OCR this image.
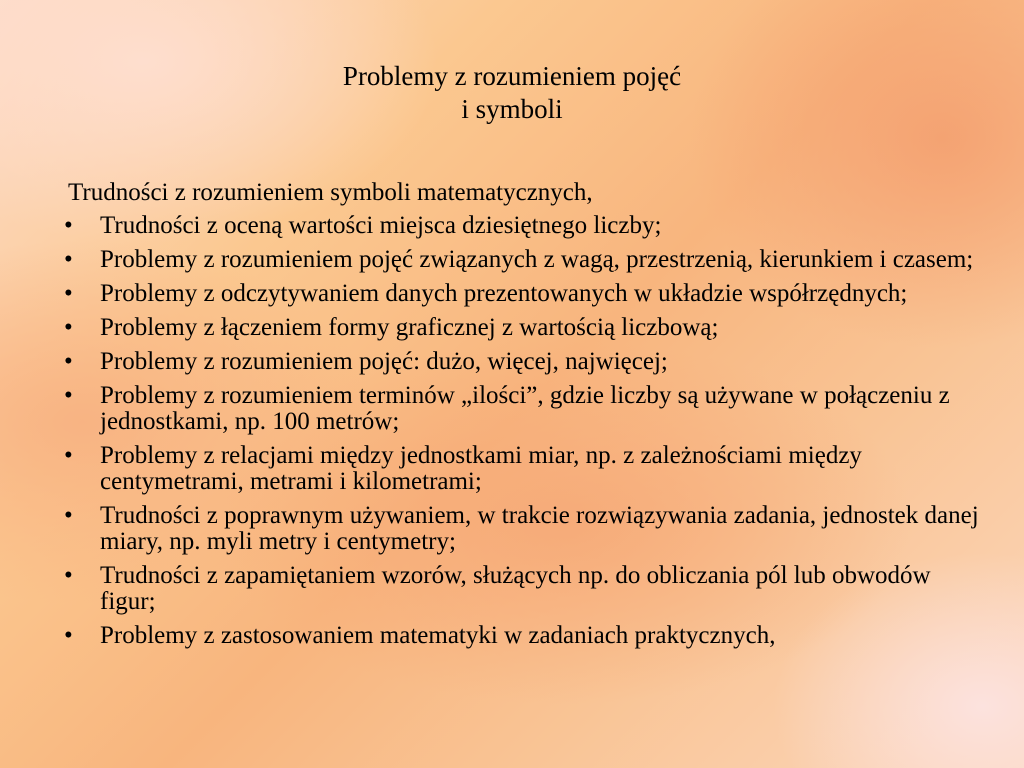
Problemy z rozumieniem pojęć
i symboli
Trudności z rozumieniem symboli matematycznych,
•	Trudności z oceną wartości miejsca dziesiętnego liczby;
•	Problemy z rozumieniem pojęć związanych z wagą, przestrzenią, kierunkiem i czasem;
•	Problemy z odczytywaniem danych prezentowanych w układzie współrzędnych;
•	Problemy z łączeniem formy graficznej z wartością liczbową;
•	Problemy z rozumieniem pojęć: dużo, więcej, najwięcej;
•	Problemy z rozumieniem terminów „ilości”, gdzie liczby są używane w połączeniu z jednostkami, np. 100 metrów;
•	Problemy z relacjami między jednostkami miar, np. z zależnościami między centymetrami, metrami i kilometrami;
•	Trudności z poprawnym używaniem, w trakcie rozwiązywania zadania, jednostek danej miary, np. myli metry i centymetry;
•	Trudności z zapamiętaniem wzorów, służących np. do obliczania pól lub obwodów figur;
•	Problemy z zastosowaniem matematyki w zadaniach praktycznych,
